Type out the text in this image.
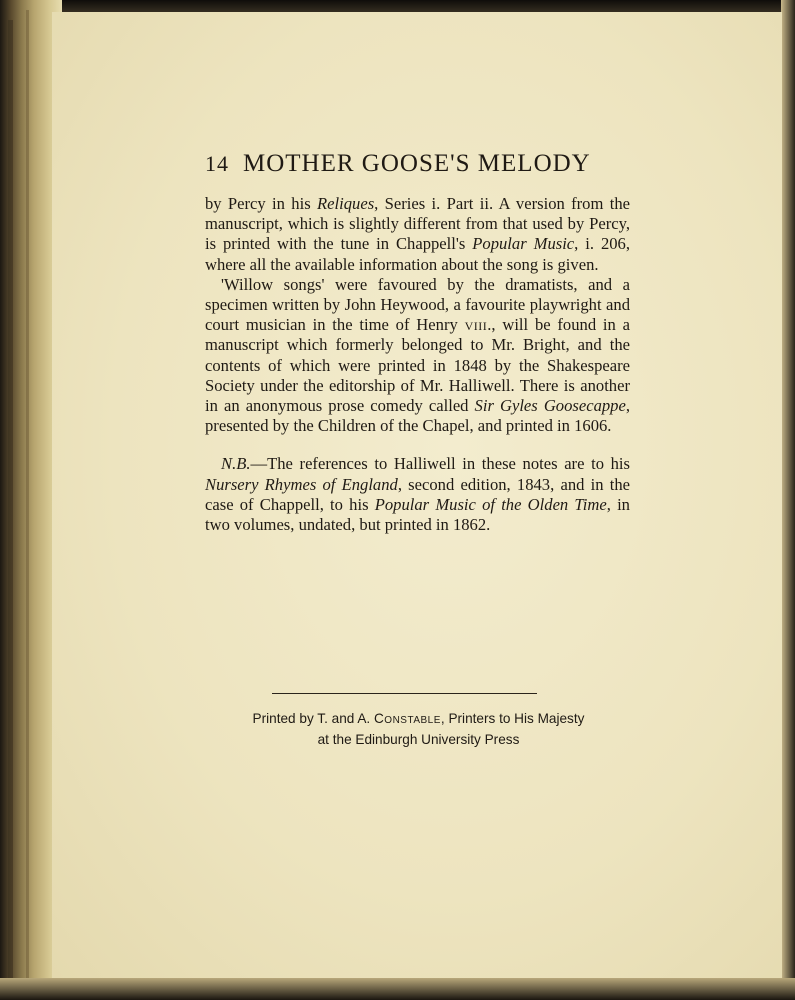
14 MOTHER GOOSE'S MELODY

by Percy in his Reliques, Series i. Part ii. A version from the manuscript, which is slightly different from that used by Percy, is printed with the tune in Chappell's Popular Music, i. 206, where all the available information about the song is given.

'Willow songs' were favoured by the dramatists, and a specimen written by John Heywood, a favourite playwright and court musician in the time of Henry viii., will be found in a manuscript which formerly belonged to Mr. Bright, and the contents of which were printed in 1848 by the Shakespeare Society under the editorship of Mr. Halliwell. There is another in an anonymous prose comedy called Sir Gyles Goosecappe, presented by the Children of the Chapel, and printed in 1606.

N.B.—The references to Halliwell in these notes are to his Nursery Rhymes of England, second edition, 1843, and in the case of Chappell, to his Popular Music of the Olden Time, in two volumes, undated, but printed in 1862.

Printed by T. and A. Constable, Printers to His Majesty
at the Edinburgh University Press
